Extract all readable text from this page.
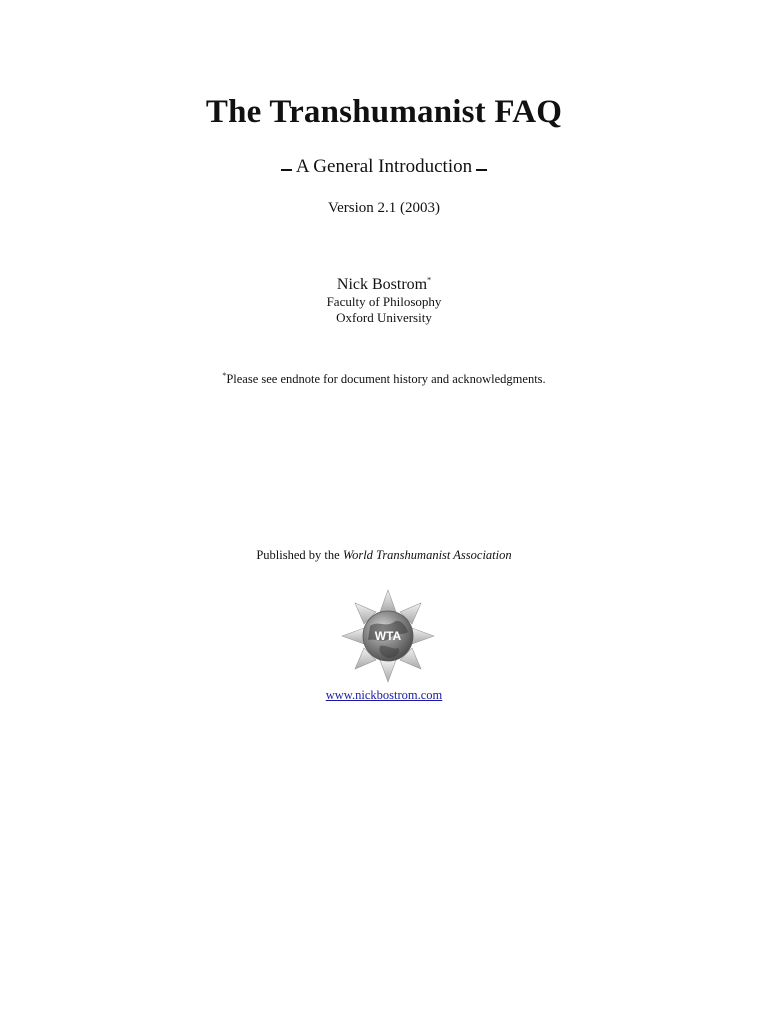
The Transhumanist FAQ
A General Introduction
Version 2.1 (2003)
Nick Bostrom*
Faculty of Philosophy
Oxford University
*Please see endnote for document history and acknowledgments.
Published by the World Transhumanist Association
WTA
www.nickbostrom.com
